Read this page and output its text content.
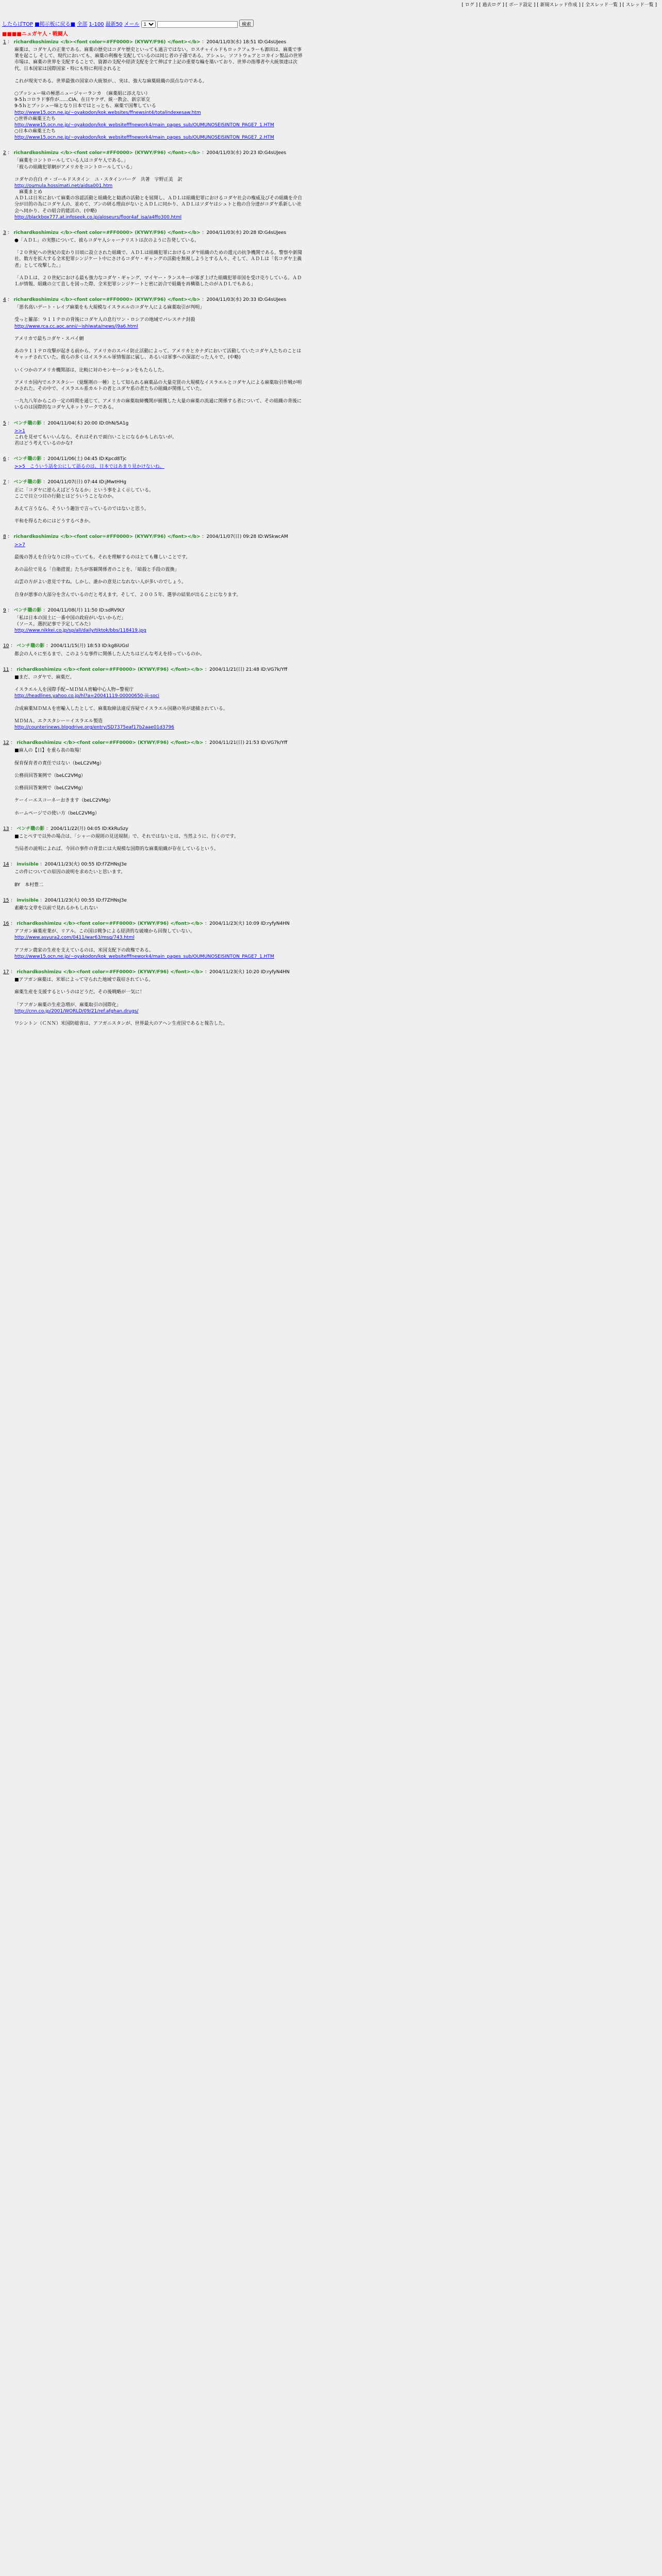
[ ログ ] [ 過去ログ ] [ ボード設定 ] [ 新規スレッド作成 ] [ 全スレッド一覧 ] [ スレッド一覧 ]
したらばTOP ■掲示板に戻る■ 全部 1-100 最新50 メール
1	検索
■■■■ニュガヤ人・戦闘人
1 ： richardkoshimizu </b><font color=#FF0000> (KYWY/F96) </font></b> ：2004/11/03(水) 18:51 ID:G4sUJees
麻薬は、コダヤ人の正業である。麻薬の歴史はコダヤ歴史といっても過言ではない。ロスチャイルドもロックフェラーも源田は、麻薬で事業を起こし そして、現代においても、麻薬の利権を支配しているのは同じ者の子孫である。アシュレ、ソフトウェアとコカイン製品の世界市場は、麻薬の世界を支配することで、資源の支配や経済支配を全て伸ばす上記の重要な輪を築いており、世界の指導者や大統領達は次代、日本国家は国際国家・特にも特に利用されると

これが現実である。世界最強の国家の大統領が、、実は、強大な麻薬組織の頂点なのである。

○ブッシュー味の極悪ニュージャーランカ　（麻薬組に添えない）
9-5ｈコロラド事件が……CIA、在日ヤクザ、統一教会、新宗軍交
9-5ｈとブッシュー味となり日本ではとっとも、麻薬で国奪している
http://www15.ocn.ne.jp/~oyakodon/kok.websites/ffnewsint4/totalindexesaw.htm
○世界の麻薬王たち
http://www15.ocn.ne.jp/~oyakodon/kok_websitefffnework4/main_pages_sub/OUMUNOSEISINTON_PAGE7_1.HTM
○日本の麻薬王たち
http://www15.ocn.ne.jp/~oyakodon/kok_websitefffnework4/main_pages_sub/OUMUNOSEISINTON_PAGE7_2.HTM

2 ： richardkoshimizu </b><font color=#FF0000> (KYWY/F96) </font></b> ：2004/11/03(水) 20:23 ID:G4sUJees
「麻薬をコントロールしている人はコダヤ人である。」
「彼らの組織犯罪網がアメリカをコントロールしている」

コダヤの自白 チ・ゴールドスタイン　ユ・スタインバーグ　共著　宇野正美　訳
http://oumula.hossimati.net/aidsa001.htm
　麻薬まとめ
ＡＤＬは日米において麻薬の容認活動と組織化と勧誘の活動とを展開し、ＡＤＬは組織犯罪におけるコダヤ社会の権威及びその組織を介自分が目的の為にコダヤ人の、並めて、ブンの研る理由がないとＡＤＬに同かり、ＡＤＬはソダヤはシュトと他の自分達がコダヤ系新しい社会へ同かり、その組合的能活の、(中略)
http://blackbox777.at.infoseek.co.jp/aloseurs/floor4af_isa/a4ffo300.html

3 ： richardkoshimizu </b><font color=#FF0000> (KYWY/F96) </font></b> ：2004/11/03(水) 20:28 ID:G4sUJees
●「ＡＤＬ」の実態について、彼らコダヤ人シャーナリストは次のように告発している。

「２０世紀への世紀の変わり目頃に設立された組織で、ＡＤＬは組織犯罪におけるコダヤ組織のための還元の抗争機関である。警察や新聞社、数方を拡大する全米犯罪シンジケート中にさけるコダヤ・ギャングの活動を無視しようとする人々、そして、ＡＤＬは「名コダヤ主義者」として攻撃した。」

「ＡＤＬは、２０世紀における最も強力なコダヤ・ギャング、マイヤー・ランスキーが塞ぎ上げた組織犯罪帝国を受け売りしている。ＡＤＬが情報、組織の立て直しを図った際、全米犯罪シンジケートと密に訪合で組織を再構築したのがＡＤＬでもある」

4 ： richardkoshimizu </b><font color=#FF0000> (KYWY/F96) </font></b> ：2004/11/03(水) 20:33 ID:G4sUJees
「悪名高いデート・レイプ麻薬をも大規模なイスラエルのコダヤ人による麻薬取引が判明」

受っと羅部：９１１テロの背後にコダヤ人の息行ワン・ロシアの地域でパレスチナ封殺
http://www.rca.cc.aoc.anni/~ishiwata/news/j9a6.html

アメリカで最ちコダヤ・スパイ網

あの９１１テロ攻撃が起きる前から、アメリカのスパイ防止活動によって、アメリカとカナダにおいて活動していたコダヤ人たちのことはキャッチされていた。彼らの多くはイスラエル軍情報部に属し、あるいは軍事への深部だった人々で。(中略)

いくつかのアメリカ機関部は、比較に対のセンセーションをもたらした。

アメリカ国内でエクスタシー（覚醒剤の一種）として知られる麻薬品の大量売買の大規模なイスラエルとコダヤ人による麻薬取引作戦が明かされた。その中で、イスラエル系カルトの者とユダヤ系の者たちの組織が関係していた。

一九九八年からこの一定の時期を通じて、アメリカの麻薬取締機関が捕獲した大量の麻薬の流通に関係する者について、その組織の背後にいるのは国際的なコダヤ人ネットワークである。

5 ： ベンチ職の影 ：2004/11/04(木) 20:00 ID:0hN/SA1g
>>1
これを見せてもいいんなら、それはそれで面白いことになるかもしれないが。
君はどう考えているのかな?

6 ： ベンチ職の影 ：2004/11/06(土) 04:45 ID:Kpcd8Tjc
>>5　こういう話を公にして語るのは、日本ではあまり見かけないね。

7 ： ベンチ職の影 ：2004/11/07(日) 07:44 ID:jMwtHHg
正に「コダヤに逆らえばどうなるか」という事をよく示している。
ここで目立つ目の行動とはどういうことなのか。

あえて言うなら、そういう趣旨で言っているのではないと思う。

平和を得るためにはどうするべきか。

8 ： richardkoshimizu </b><font color=#FF0000> (KYWY/F96) </font></b> ：2004/11/07(日) 09:28 ID:WSkwcAM
>>7

最後の答えを自分なりに持っていても、それを理解するのはとても難しいことです。

あの品位で見る「自衛措置」たちが客観関係者のことを、「暗殺と手段の置換」

山雲の方がよい意見ですね。しかし、誰かの意見になれない人が多いのでしょう。

自身が悪事の大部分を含んでいるのだと考えます。そして、２００５年、選挙の結果が出ることになります。

9 ： ベンチ職の影 ：2004/11/08(月) 11:50 ID:sdRV9LY
「私は日本の国土に一番中国の政府がいないからだ」
（ソース。選択記事で予定してみた）
http://www.nikkei.co.jp/sp/all/daily/tiktok/bbs/118419.jpg

10 ： ベンチ職の影 ：2004/11/15(月) 18:53 ID:kg8iUGsl
都会の人々に至るまで、このような事件に関係した人たちはどんな考えを持っているのか。

11 ： richardkoshimizu </b><font color=#FF0000> (KYWY/F96) </font></b> ：2004/11/21(日) 21:48 ID:VG7k/Yff
■まだ、コダヤで、麻薬だ。

イスラエル人を国際手配−ＭＤＭＡ密輸中心人物−警視庁
http://headlines.yahoo.co.jp/hl?a=20041119-00000650-jij-soci

合成麻薬ＭＤＭＡを密輸入したとして、麻薬取締法違反容疑でイスラエル国籍の男が逮捕されている。

ＭＤＭＡ、エクスタシー＝イスラエル製造
http://counterinews.blogdrive.org/entry/SD7375eaf17b2aae01d3796

12 ： richardkoshimizu </b><font color=#FF0000> (KYWY/F96) </font></b> ：2004/11/21(日) 21:53 ID:VG7k/Yff
■麻人の【日】を重ら表の取場！

保育保育者の責任ではない（beLC2VMg）

公務員回答案例で（beLC2VMg）

公務員回答案例で（beLC2VMg）

ケーイーエスコーネーおきます（beLC2VMg）

ホームページでの使い方（beLC2VMg）

13 ： ベンチ職の影 ：2004/11/22(月) 04:05 ID:KkRuSzy
■ことぺすで以外の場合は、「シャーの規則の見送規制」で、それではないとは、当然ように、行くのです。

当局者の説明によれば、今回の事件の背景には大規模な国際的な麻薬組織が存在しているという。

14 ： invisible ：2004/11/23(火) 00:55 ID:f7ZHNsJ3e
この件についての原因の説明を求めたいと思います。

BY　本村豊二

15 ： invisible ：2004/11/23(火) 00:55 ID:f7ZHNsJ3e
素敵な文章を以前で見れるかもしれない

16 ： richardkoshimizu </b><font color=#FF0000> (KYWY/F96) </font></b> ：2004/11/23(火) 10:09 ID:ryfyN4HN
アフガン麻薬産業が、リアル。この国は戦争による経済的な破壊から回復していない。
http://www.asyura2.com/0411/war63/msg/743.html

アフガン農家の生産を支えているのは、米国支配下の政権である。
http://www15.ocn.ne.jp/~oyakodon/kok_websitefffnework4/main_pages_sub/OUMUNOSEISINTON_PAGE7_1.HTM

17 ： richardkoshimizu </b><font color=#FF0000> (KYWY/F96) </font></b> ：2004/11/23(火) 10:20 ID:ryfyN4HN
■アフガン麻薬は、米軍によって守られた地域で栽培されている。

麻薬生産を支援するというのはどうだ。その後戦略が一気に！

「アフガン麻薬の生産急増が、麻薬取引の国際化」
http://cnn.co.jp/2001/WORLD/09/21/ref.afghan.drugs/

ワシントン（ＣＮＮ）米国防総省は、アフガニスタンが、世界最大のアヘン生産国であると報告した。
